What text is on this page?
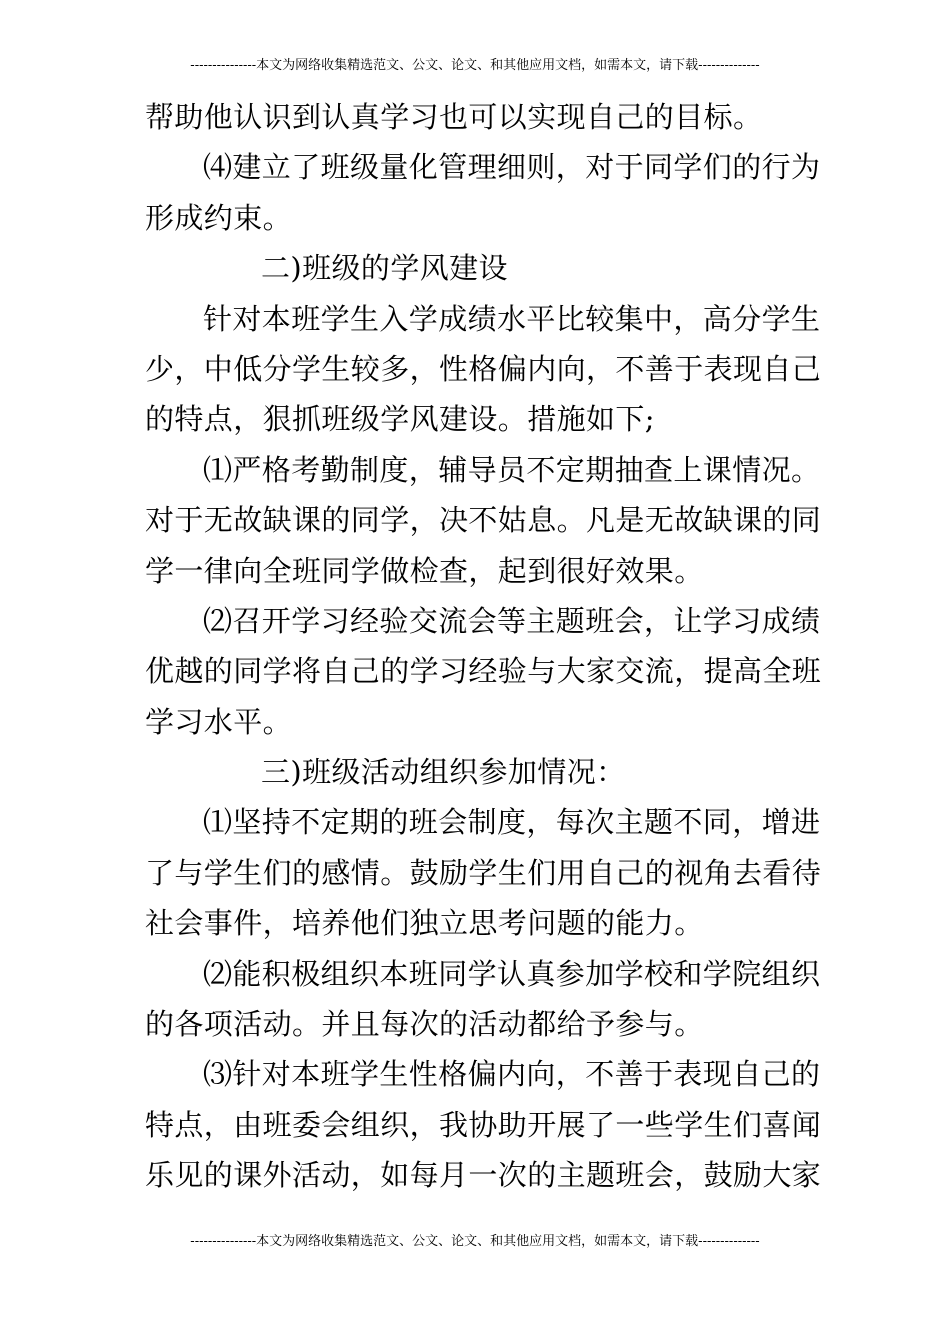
---------------本文为网络收集精选范文、公文、论文、和其他应用文档，如需本文，请下载--------------
帮助他认识到认真学习也可以实现自己的目标。
⑷建立了班级量化管理细则，对于同学们的行为
形成约束。
二)班级的学风建设
针对本班学生入学成绩水平比较集中，高分学生
少，中低分学生较多，性格偏内向，不善于表现自己
的特点，狠抓班级学风建设。措施如下;
⑴严格考勤制度，辅导员不定期抽查上课情况。
对于无故缺课的同学，决不姑息。凡是无故缺课的同
学一律向全班同学做检查，起到很好效果。
⑵召开学习经验交流会等主题班会，让学习成绩
优越的同学将自己的学习经验与大家交流，提高全班
学习水平。
三)班级活动组织参加情况：
⑴坚持不定期的班会制度，每次主题不同，增进
了与学生们的感情。鼓励学生们用自己的视角去看待
社会事件，培养他们独立思考问题的能力。
⑵能积极组织本班同学认真参加学校和学院组织
的各项活动。并且每次的活动都给予参与。
⑶针对本班学生性格偏内向，不善于表现自己的
特点，由班委会组织，我协助开展了一些学生们喜闻
乐见的课外活动，如每月一次的主题班会，鼓励大家
---------------本文为网络收集精选范文、公文、论文、和其他应用文档，如需本文，请下载--------------
